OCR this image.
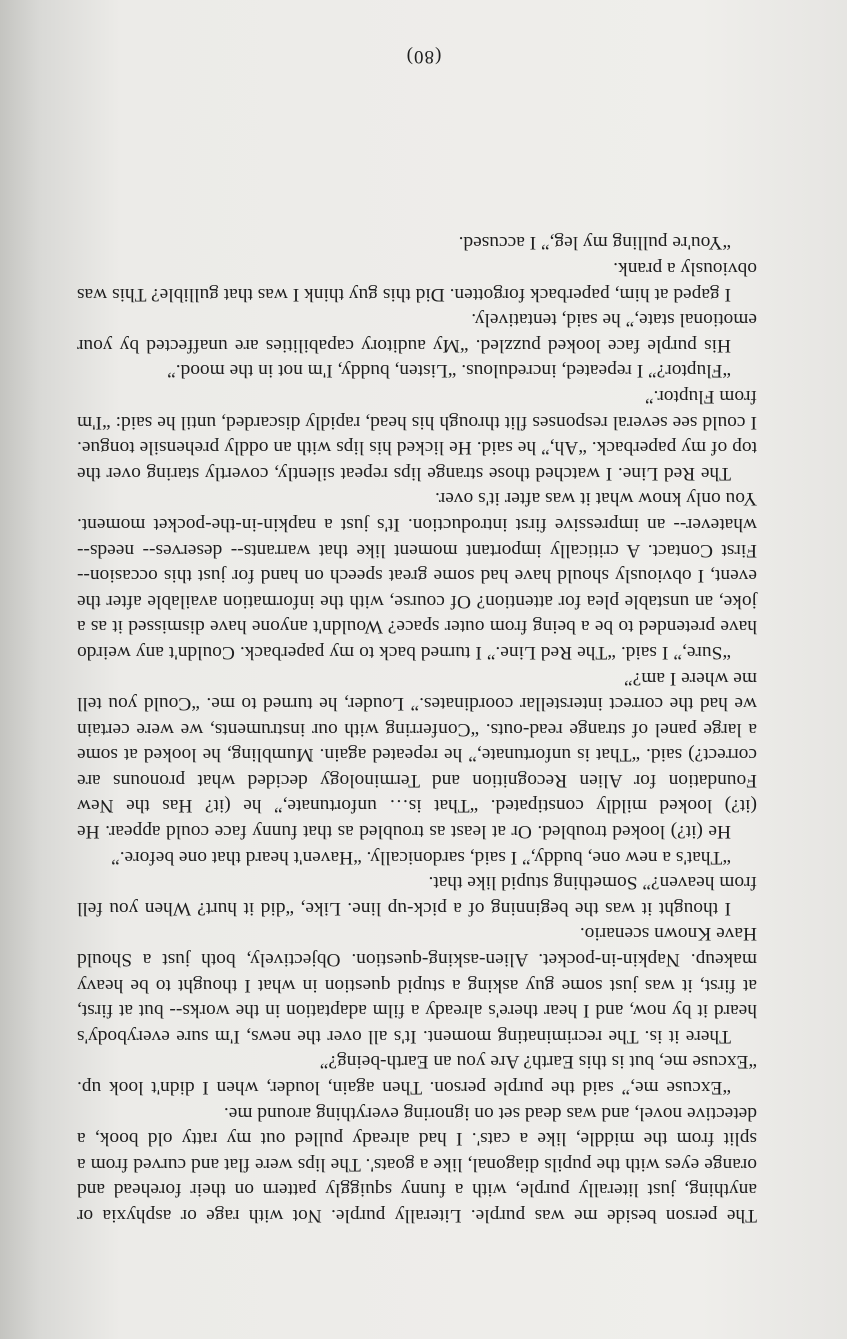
The person beside me was purple. Literally purple. Not with rage or asphyxia or anything, just literally purple, with a funny squiggly pattern on their forehead and orange eyes with the pupils diagonal, like a goats'. The lips were flat and curved from a split from the middle, like a cats'. I had already pulled out my ratty old book, a detective novel, and was dead set on ignoring everything around me.

“Excuse me,” said the purple person. Then again, louder, when I didn't look up. “Excuse me, but is this Earth? Are you an Earth-being?”

There it is. The recriminating moment. It's all over the news, I'm sure everybody's heard it by now, and I hear there's already a film adaptation in the works-- but at first, at first, it was just some guy asking a stupid question in what I thought to be heavy makeup. Napkin-in-pocket. Alien-asking-question. Objectively, both just a Should Have Known scenario.

I thought it was the beginning of a pick-up line. Like, “did it hurt? When you fell from heaven?” Something stupid like that.

“That's a new one, buddy,” I said, sardonically. “Haven't heard that one before.”

He (it?) looked troubled. Or at least as troubled as that funny face could appear. He (it?) looked mildly constipated. “That is… unfortunate,” he (it? Has the New Foundation for Alien Recognition and Terminology decided what pronouns are correct?) said. “That is unfortunate,” he repeated again. Mumbling, he looked at some a large panel of strange read-outs. “Conferring with our instruments, we were certain we had the correct interstellar coordinates.” Louder, he turned to me. “Could you tell me where I am?”

“Sure,” I said. “The Red Line.” I turned back to my paperback. Couldn't any weirdo have pretended to be a being from outer space? Wouldn't anyone have dismissed it as a joke, an unstable plea for attention? Of course, with the information available after the event, I obviously should have had some great speech on hand for just this occasion-- First Contact. A critically important moment like that warrants-- deserves-- needs-- whatever-- an impressive first introduction. It's just a napkin-in-the-pocket moment. You only know what it was after it's over.

The Red Line. I watched those strange lips repeat silently, covertly staring over the top of my paperback. “Ah,” he said. He licked his lips with an oddly prehensile tongue. I could see several responses flit through his head, rapidly discarded, until he said: “I'm from Fluptor.”

“Fluptor?” I repeated, incredulous. “Listen, buddy, I'm not in the mood.”

His purple face looked puzzled. “My auditory capabilities are unaffected by your emotional state,” he said, tentatively.

I gaped at him, paperback forgotten. Did this guy think I was that gullible? This was obviously a prank.

“You're pulling my leg,” I accused.

(80)
